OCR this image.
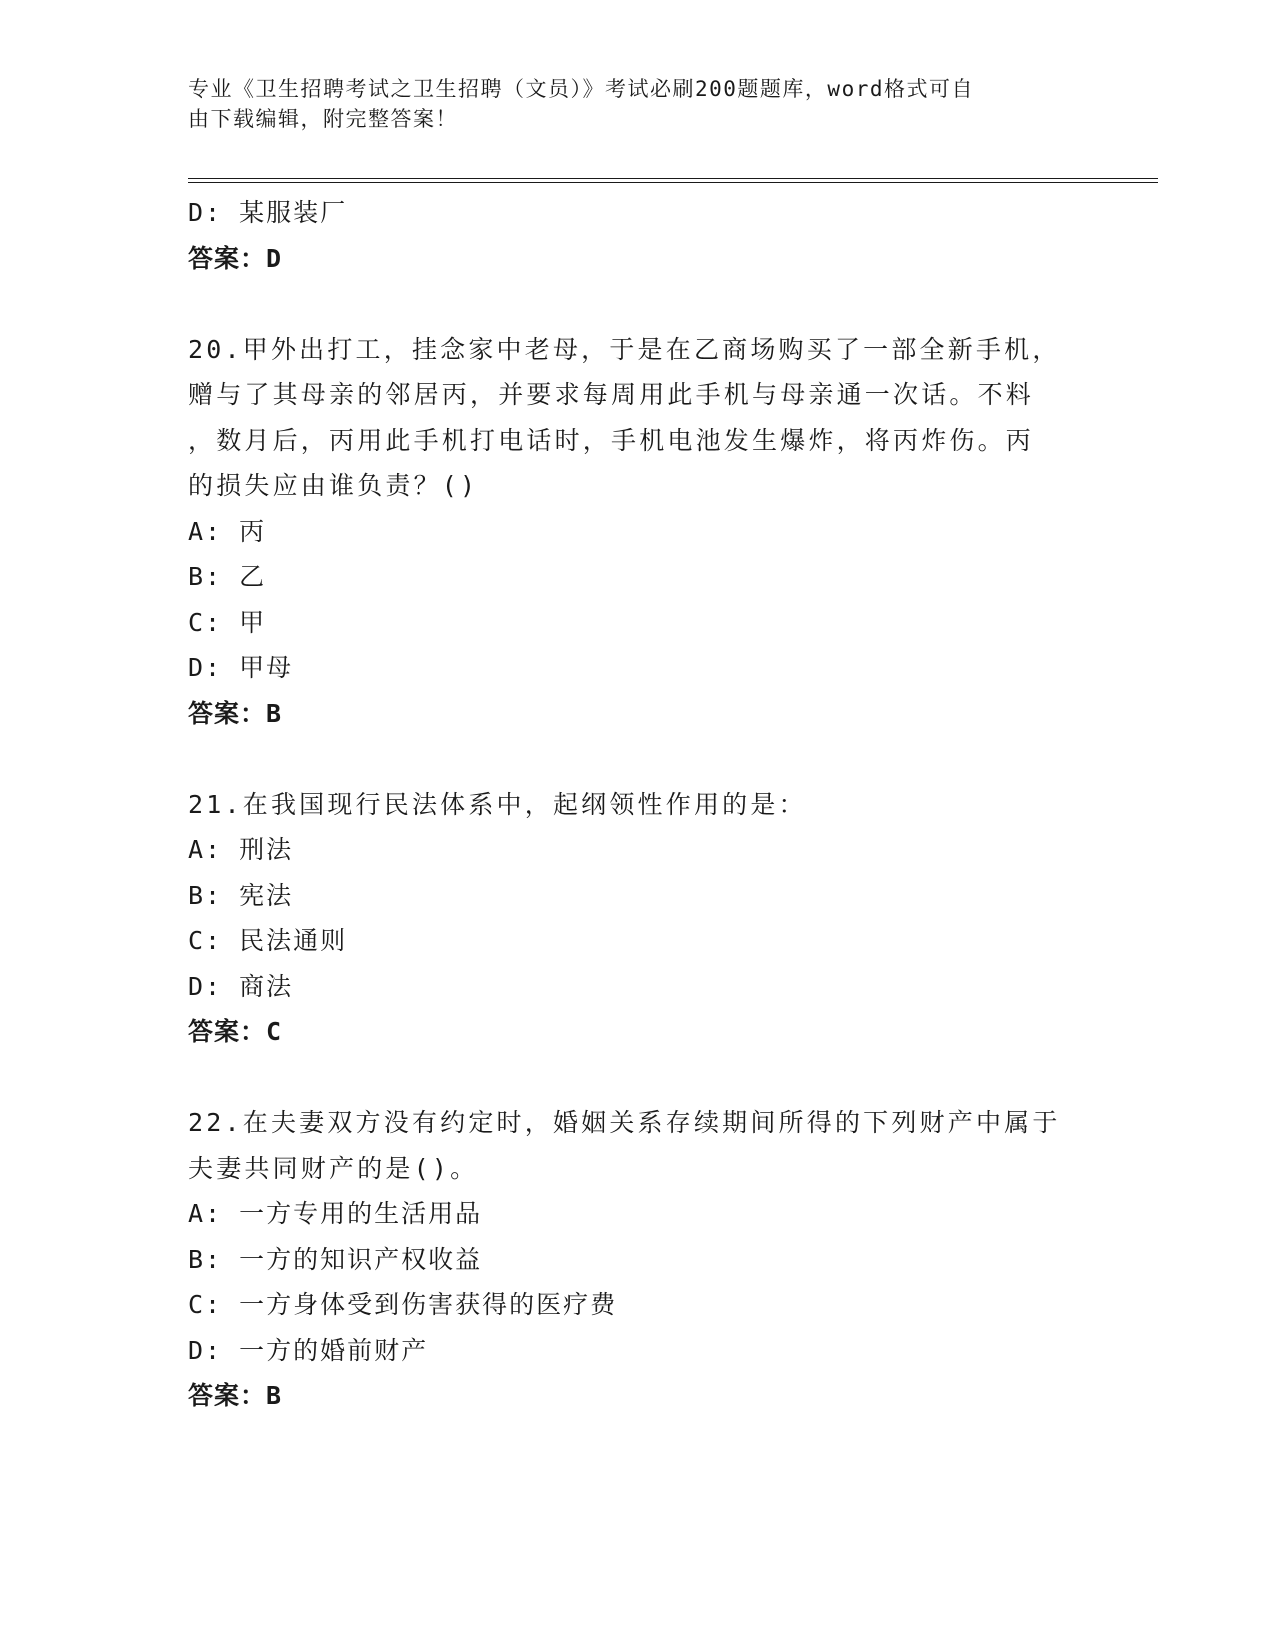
专业《卫生招聘考试之卫生招聘（文员）》考试必刷200题题库，word格式可自
由下载编辑，附完整答案！
D: 某服装厂
答案：D
20.甲外出打工，挂念家中老母，于是在乙商场购买了一部全新手机，
赠与了其母亲的邻居丙，并要求每周用此手机与母亲通一次话。不料
，数月后，丙用此手机打电话时，手机电池发生爆炸，将丙炸伤。丙
的损失应由谁负责？()
A: 丙
B: 乙
C: 甲
D: 甲母
答案：B
21.在我国现行民法体系中，起纲领性作用的是：
A: 刑法
B: 宪法
C: 民法通则
D: 商法
答案：C
22.在夫妻双方没有约定时，婚姻关系存续期间所得的下列财产中属于
夫妻共同财产的是()。
A: 一方专用的生活用品
B: 一方的知识产权收益
C: 一方身体受到伤害获得的医疗费
D: 一方的婚前财产
答案：B
